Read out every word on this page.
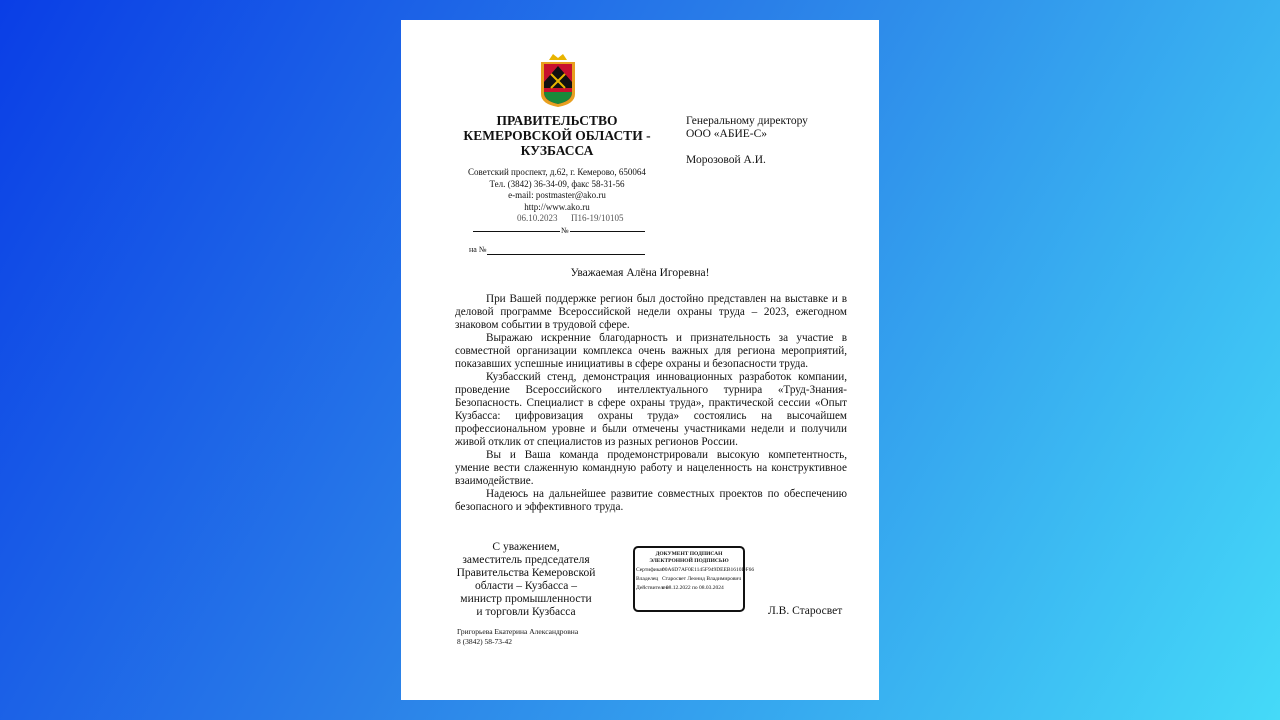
ПРАВИТЕЛЬСТВО
КЕМЕРОВСКОЙ ОБЛАСТИ -
КУЗБАССА
Советский проспект, д.62, г. Кемерово, 650064
Тел. (3842) 36-34-09, факс 58-31-56
e-mail: postmaster@ako.ru
http://www.ako.ru
06.10.2023 П16-19/10105
№
на №
Генеральному директору
ООО «АБИЕ-С»
Морозовой А.И.
Уважаемая Алёна Игоревна!

При Вашей поддержке регион был достойно представлен на выставке и в деловой программе Всероссийской недели охраны труда – 2023, ежегодном знаковом событии в трудовой сфере.

Выражаю искренние благодарность и признательность за участие в совместной организации комплекса очень важных для региона мероприятий, показавших успешные инициативы в сфере охраны и безопасности труда.

Кузбасский стенд, демонстрация инновационных разработок компании, проведение Всероссийского интеллектуального турнира «Труд-Знания-Безопасность. Специалист в сфере охраны труда», практической сессии «Опыт Кузбасса: цифровизация охраны труда» состоялись на высочайшем профессиональном уровне и были отмечены участниками недели и получили живой отклик от специалистов из разных регионов России.

Вы и Ваша команда продемонстрировали высокую компетентность, умение вести слаженную командную работу и нацеленность на конструктивное взаимодействие.

Надеюсь на дальнейшее развитие совместных проектов по обеспечению безопасного и эффективного труда.

С уважением,
заместитель председателя
Правительства Кемеровской
области – Кузбасса –
министр промышленности
и торговли Кузбасса
ДОКУМЕНТ ПОДПИСАН
ЭЛЕКТРОННОЙ ПОДПИСЬЮ
Сертификат
00A6D7AF0E1145F949DEEB1610DF66
Владелец Старосвет Леонид Владимирович
Действителен
с 08.12.2022 по 08.03.2024
Л.В. Старосвет
Григорьева Екатерина Александровна
8 (3842) 58-73-42
